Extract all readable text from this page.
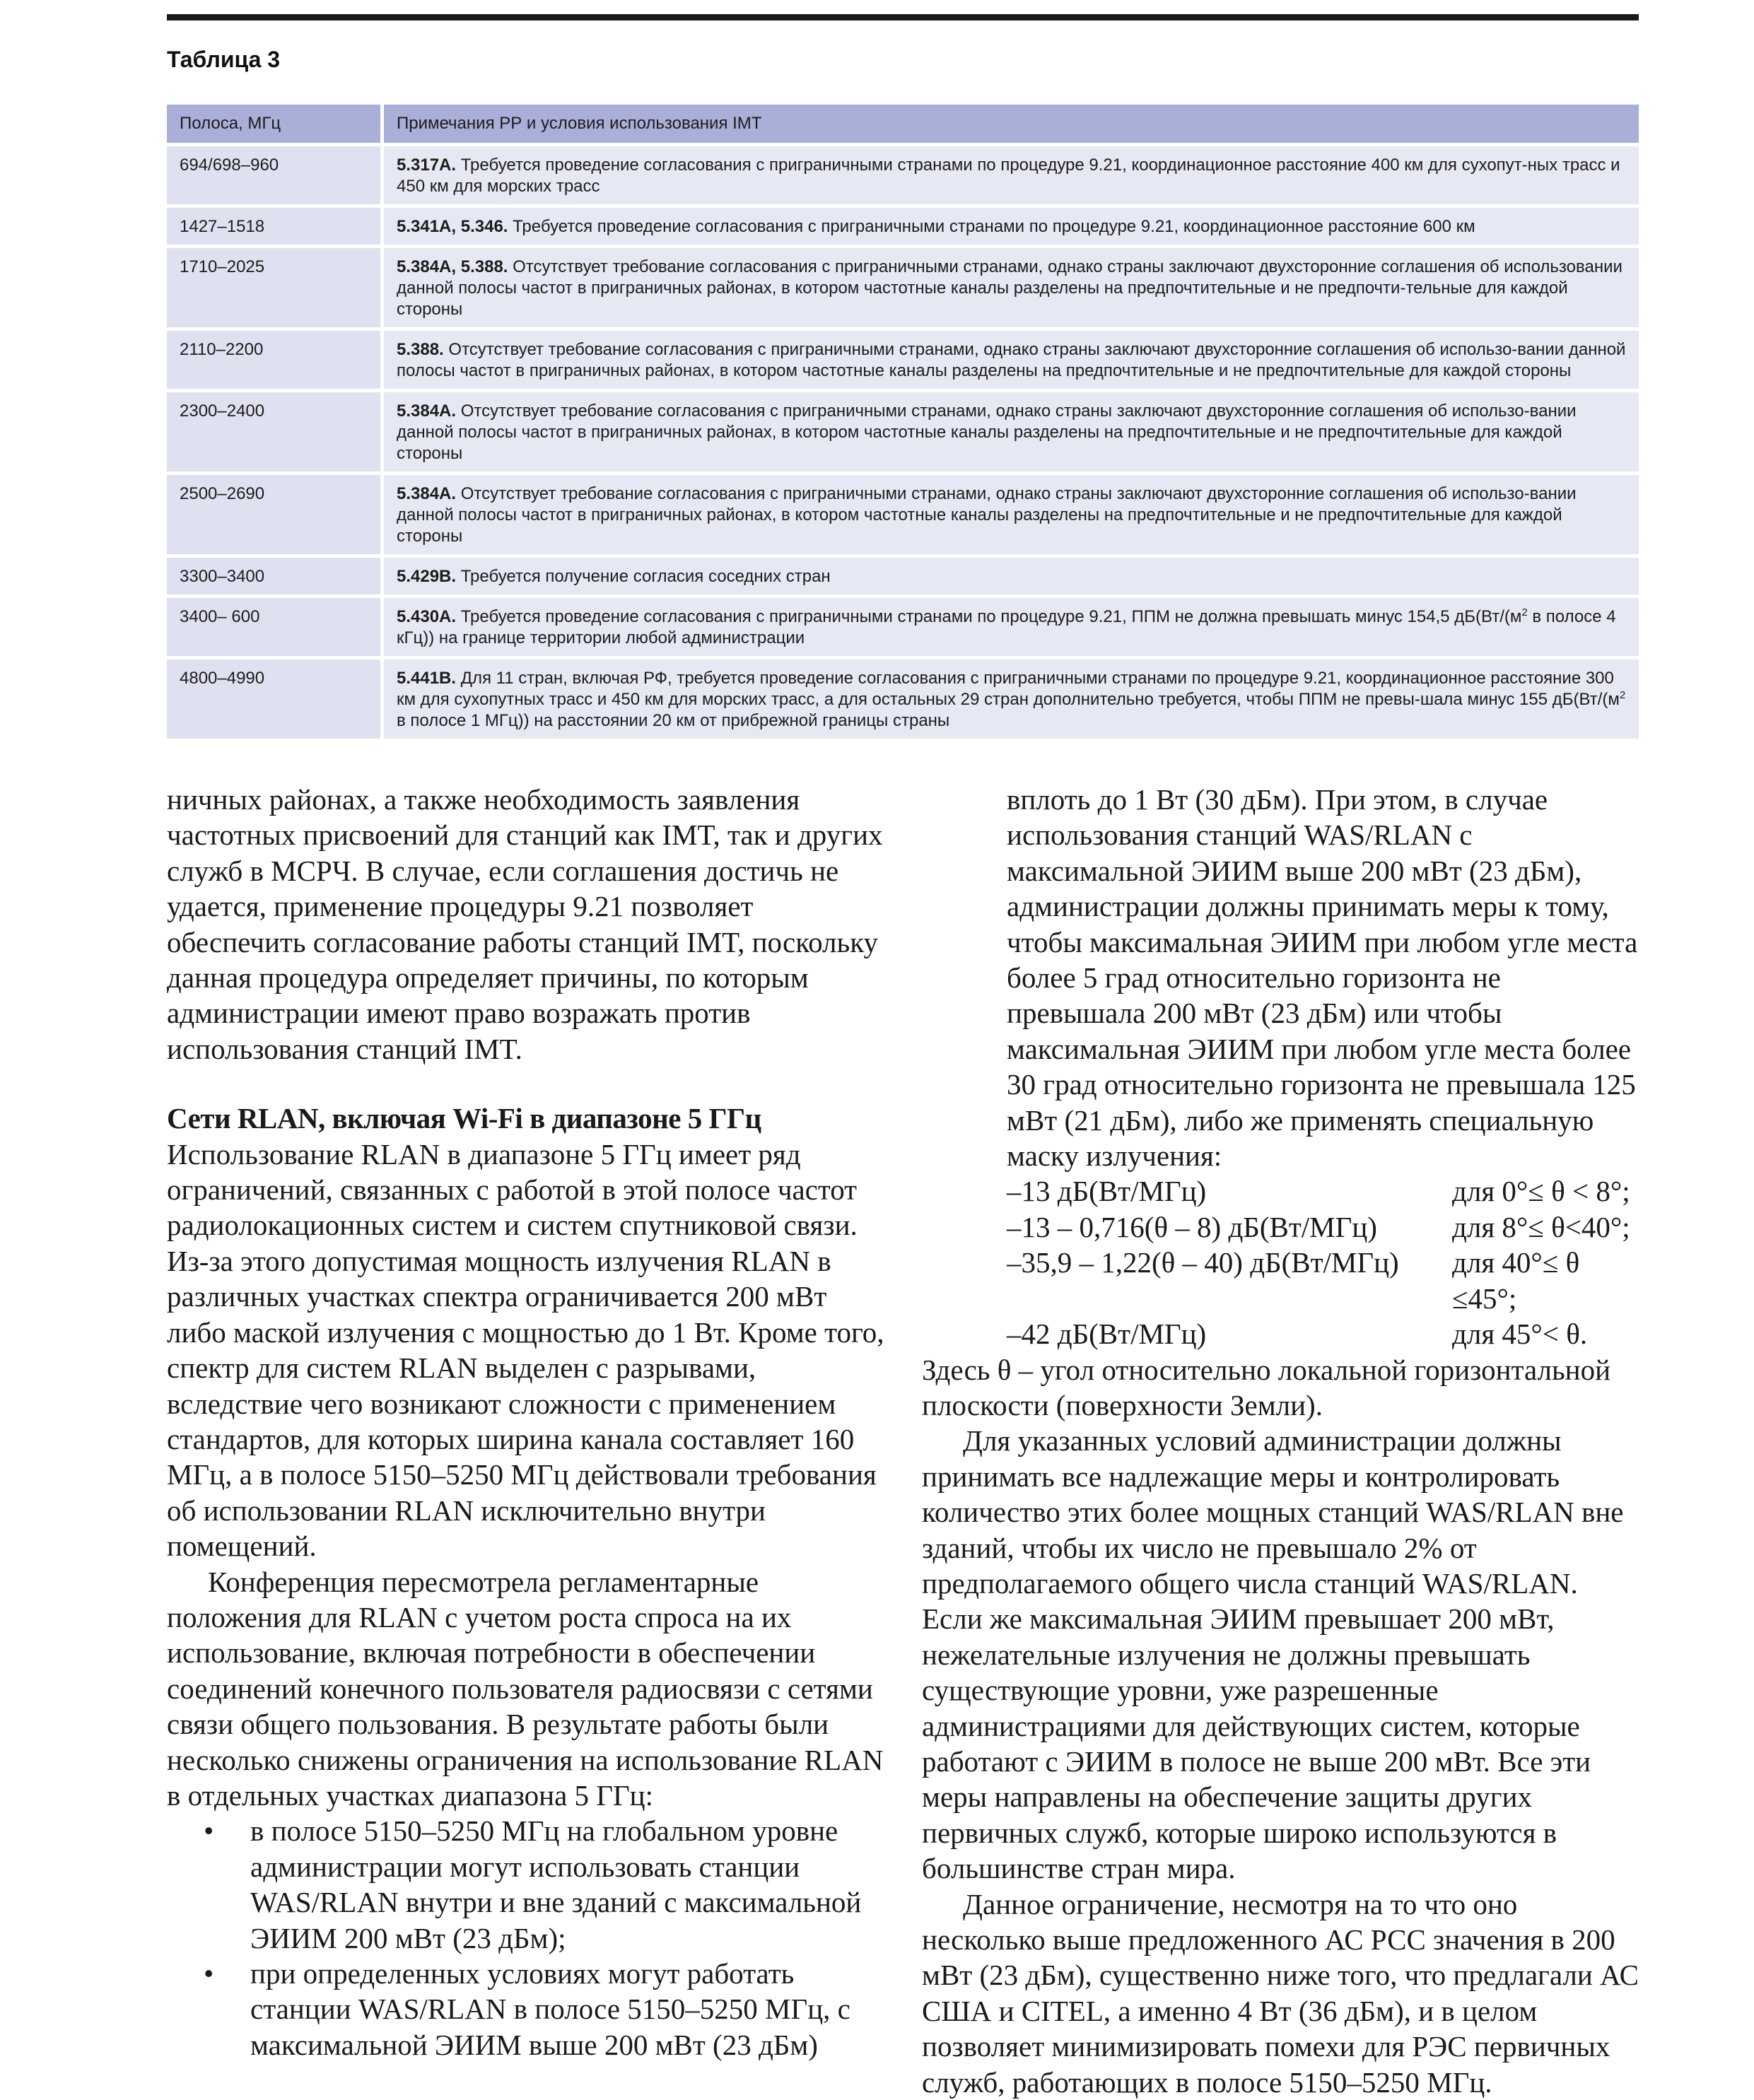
Таблица 3
Полоса, МГц	Примечания РР и условия использования IMT
694/698–960	5.317A. Требуется проведение согласования с приграничными странами по процедуре 9.21, координационное расстояние 400 км для сухопут-ных трасс и 450 км для морских трасс
1427–1518	5.341A, 5.346. Требуется проведение согласования с приграничными странами по процедуре 9.21, координационное расстояние 600 км
1710–2025	5.384A, 5.388. Отсутствует требование согласования с приграничными странами, однако страны заключают двухсторонние соглашения об использовании данной полосы частот в приграничных районах, в котором частотные каналы разделены на предпочтительные и не предпочти-тельные для каждой стороны
2110–2200	5.388. Отсутствует требование согласования с приграничными странами, однако страны заключают двухсторонние соглашения об использо-вании данной полосы частот в приграничных районах, в котором частотные каналы разделены на предпочтительные и не предпочтительные для каждой стороны
2300–2400	5.384A. Отсутствует требование согласования с приграничными странами, однако страны заключают двухсторонние соглашения об использо-вании данной полосы частот в приграничных районах, в котором частотные каналы разделены на предпочтительные и не предпочтительные для каждой стороны
2500–2690	5.384A. Отсутствует требование согласования с приграничными странами, однако страны заключают двухсторонние соглашения об использо-вании данной полосы частот в приграничных районах, в котором частотные каналы разделены на предпочтительные и не предпочтительные для каждой стороны
3300–3400	5.429B. Требуется получение согласия соседних стран
3400– 600	5.430A. Требуется проведение согласования с приграничными странами по процедуре 9.21, ППМ не должна превышать минус 154,5 $дБ(Вт/(м^2$ в полосе 4 кГц)) на границе территории любой администрации
4800–4990	5.441B. Для 11 стран, включая РФ, требуется проведение согласования с приграничными странами по процедуре 9.21, координационное расстояние 300 км для сухопутных трасс и 450 км для морских трасс, а для остальных 29 стран дополнительно требуется, чтобы ППМ не превы-шала минус 155 $дБ(Вт/(м^2$ в полосе 1 МГц)) на расстоянии 20 км от прибрежной границы страны

ничных районах, а также необходимость заявления частотных присвоений для станций как IMT, так и других служб в МСРЧ. В случае, если соглашения достичь не удается, применение процедуры 9.21 позволяет обеспечить согласование работы станций IMT, поскольку данная процедура определяет причины, по которым администрации имеют право возражать против использования станций IMT.

Сети RLAN, включая Wi-Fi в диапазоне 5 ГГц

Использование RLAN в диапазоне 5 ГГц имеет ряд ограничений, связанных с работой в этой полосе частот радиолокационных систем и систем спутниковой связи. Из-за этого допустимая мощность излучения RLAN в различных участках спектра ограничивается 200 мВт либо маской излучения с мощностью до 1 Вт. Кроме того, спектр для систем RLAN выделен с разрывами, вследствие чего возникают сложности с применением стандартов, для которых ширина канала составляет 160 МГц, а в полосе 5150–5250 МГц действовали требования об использовании RLAN исключительно внутри помещений.

Конференция пересмотрела регламентарные положения для RLAN с учетом роста спроса на их использование, включая потребности в обеспечении соединений конечного пользователя радиосвязи с сетями связи общего пользования. В результате работы были несколько снижены ограничения на использование RLAN в отдельных участках диапазона 5 ГГц:

• в полосе 5150–5250 МГц на глобальном уровне администрации могут использовать станции WAS/RLAN внутри и вне зданий с максимальной ЭИИМ 200 мВт (23 дБм);
• при определенных условиях могут работать станции WAS/RLAN в полосе 5150–5250 МГц, с максимальной ЭИИМ выше 200 мВт (23 дБм)

вплоть до 1 Вт (30 дБм). При этом, в случае использования станций WAS/RLAN с максимальной ЭИИМ выше 200 мВт (23 дБм), администрации должны принимать меры к тому, чтобы максимальная ЭИИМ при любом угле места более 5 град относительно горизонта не превышала 200 мВт (23 дБм) или чтобы максимальная ЭИИМ при любом угле места более 30 град относительно горизонта не превышала 125 мВт (21 дБм), либо же применять специальную маску излучения:

–13 дБ(Вт/МГц)	для 0°≤ θ < 8°;
–13 – 0,716(θ – 8) дБ(Вт/МГц)	для 8°≤ θ<40°;
–35,9 – 1,22(θ – 40) дБ(Вт/МГц)	для 40°≤ θ ≤45°;
–42 дБ(Вт/МГц)	для 45°< θ.

Здесь θ – угол относительно локальной горизонтальной плоскости (поверхности Земли).

Для указанных условий администрации должны принимать все надлежащие меры и контролировать количество этих более мощных станций WAS/RLAN вне зданий, чтобы их число не превышало 2% от предполагаемого общего числа станций WAS/RLAN. Если же максимальная ЭИИМ превышает 200 мВт, нежелательные излучения не должны превышать существующие уровни, уже разрешенные администрациями для действующих систем, которые работают с ЭИИМ в полосе не выше 200 мВт. Все эти меры направлены на обеспечение защиты других первичных служб, которые широко используются в большинстве стран мира.

Данное ограничение, несмотря на то что оно несколько выше предложенного АС РСС значения в 200 мВт (23 дБм), существенно ниже того, что предлагали АС США и CITEL, а именно 4 Вт (36 дБм), и в целом позволяет минимизировать помехи для РЭС первичных служб, работающих в полосе 5150–5250 МГц.
